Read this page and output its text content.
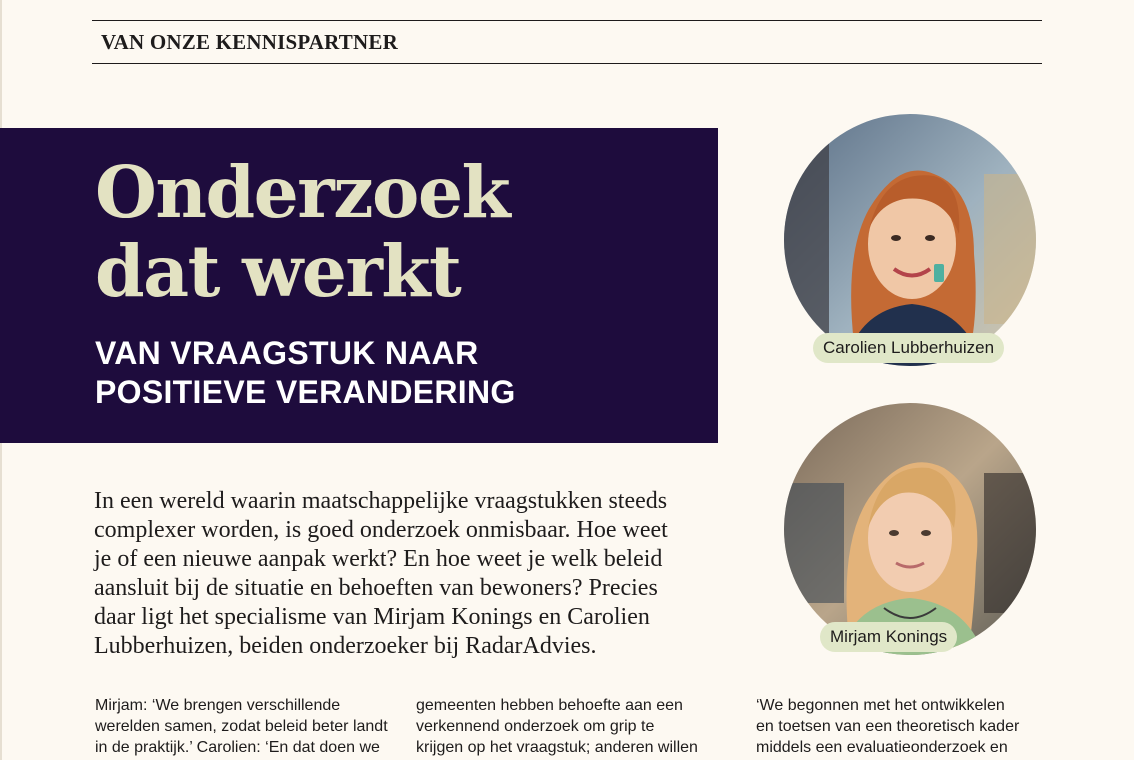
VAN ONZE KENNISPARTNER
Onderzoek
dat werkt
VAN VRAAGSTUK NAAR
POSITIEVE VERANDERING

In een wereld waarin maatschappelijke vraagstukken steeds
complexer worden, is goed onderzoek onmisbaar. Hoe weet
je of een nieuwe aanpak werkt? En hoe weet je welk beleid
aansluit bij de situatie en behoeften van bewoners? Precies
daar ligt het specialisme van Mirjam Konings en Carolien
Lubberhuizen, beiden onderzoeker bij RadarAdvies.

Mirjam: ‘We brengen verschillende
werelden samen, zodat beleid beter landt
in de praktijk.’ Carolien: ‘En dat doen we

gemeenten hebben behoefte aan een
verkennend onderzoek om grip te
krijgen op het vraagstuk; anderen willen

‘We begonnen met het ontwikkelen
en toetsen van een theoretisch kader
middels een evaluatieonderzoek en

Carolien Lubberhuizen
Mirjam Konings
